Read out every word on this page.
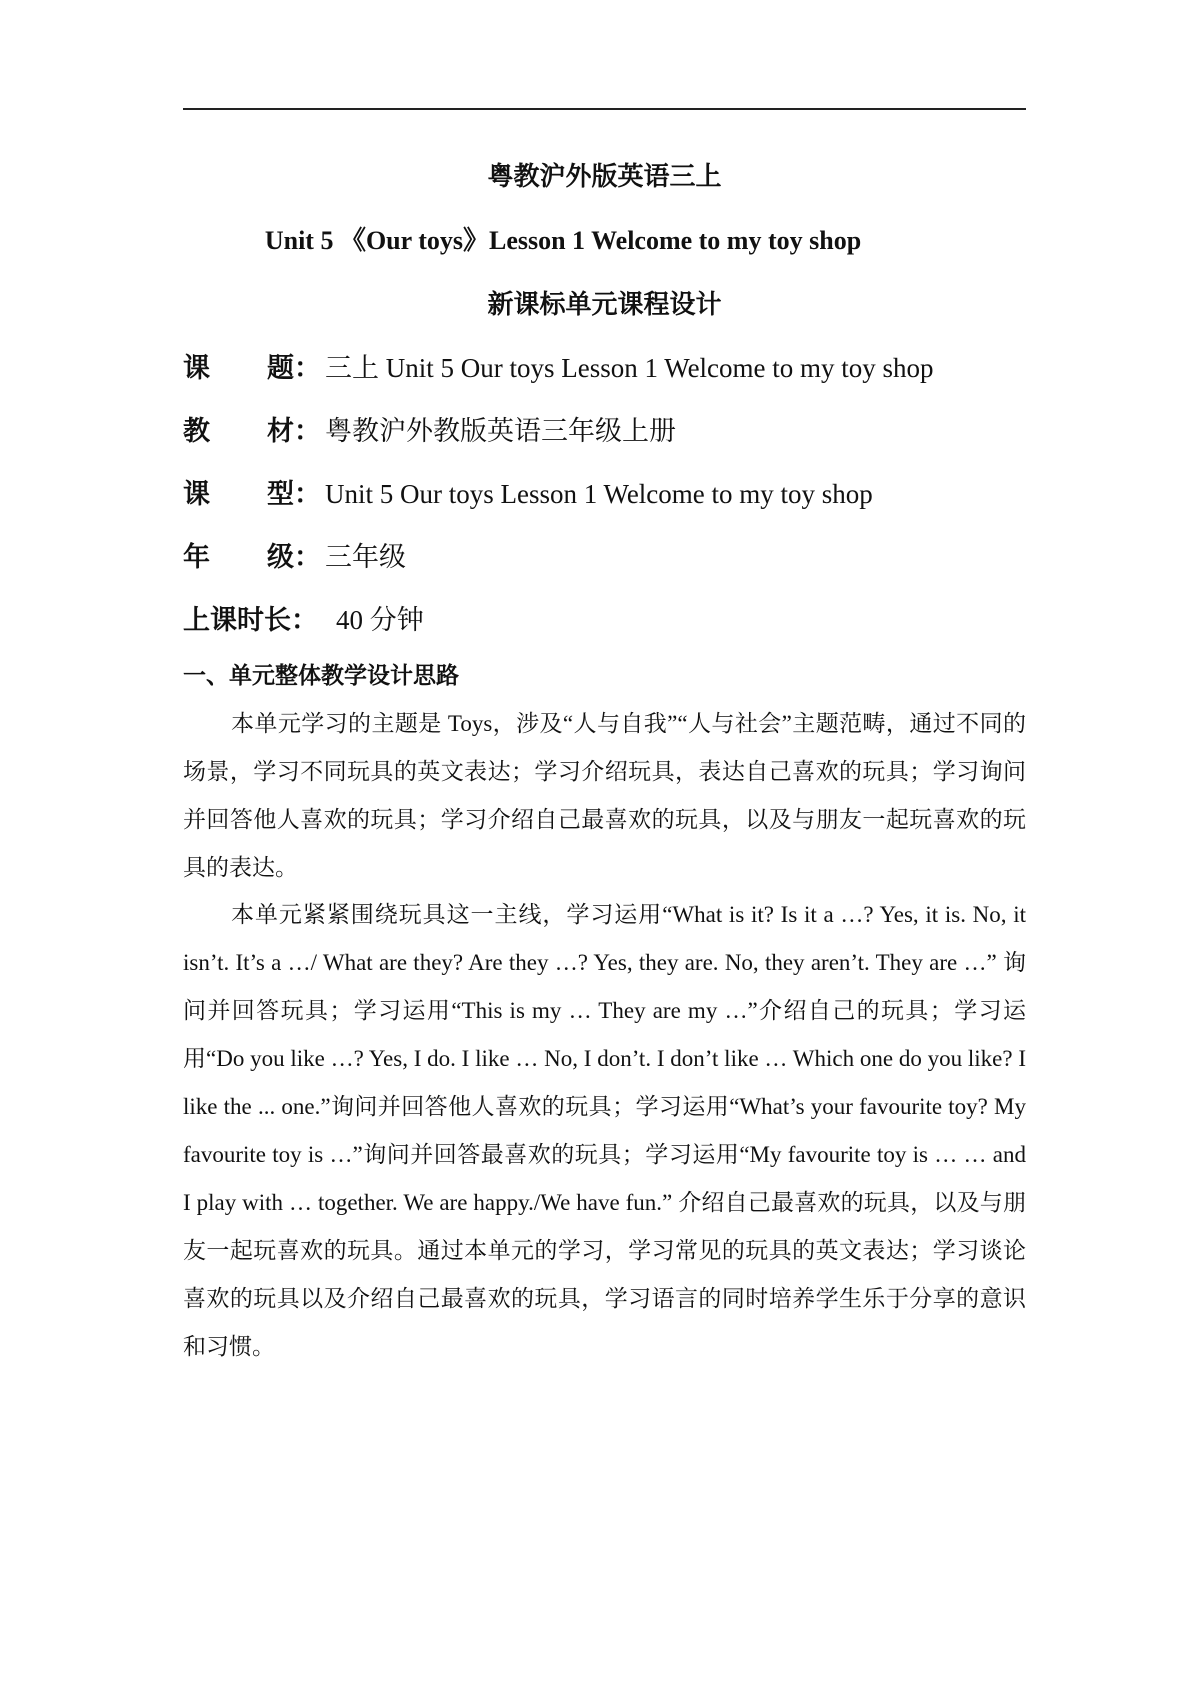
粤教沪外版英语三上
Unit 5 《Our toys》Lesson 1 Welcome to my toy shop
新课标单元课程设计
课 题： 三上 Unit 5 Our toys Lesson 1 Welcome to my toy shop
教 材： 粤教沪外教版英语三年级上册
课 型： Unit 5 Our toys Lesson 1 Welcome to my toy shop
年 级： 三年级
上课时长： 40 分钟
一、单元整体教学设计思路

本单元学习的主题是 Toys，涉及“人与自我”“人与社会”主题范畴，通过不同的场景，学习不同玩具的英文表达；学习介绍玩具，表达自己喜欢的玩具；学习询问并回答他人喜欢的玩具；学习介绍自己最喜欢的玩具，以及与朋友一起玩喜欢的玩具的表达。

本单元紧紧围绕玩具这一主线，学习运用“What is it? Is it a …? Yes, it is. No, it isn’t. It’s a …/ What are they? Are they …? Yes, they are. No, they aren’t. They are …” 询问并回答玩具；学习运用“This is my … They are my …”介绍自己的玩具；学习运用“Do you like …? Yes, I do. I like … No, I don’t. I don’t like … Which one do you like? I like the ... one.”询问并回答他人喜欢的玩具；学习运用“What’s your favourite toy? My favourite toy is …”询问并回答最喜欢的玩具；学习运用“My favourite toy is … … and I play with … together. We are happy./We have fun.” 介绍自己最喜欢的玩具，以及与朋友一起玩喜欢的玩具。通过本单元的学习，学习常见的玩具的英文表达；学习谈论喜欢的玩具以及介绍自己最喜欢的玩具，学习语言的同时培养学生乐于分享的意识和习惯。
